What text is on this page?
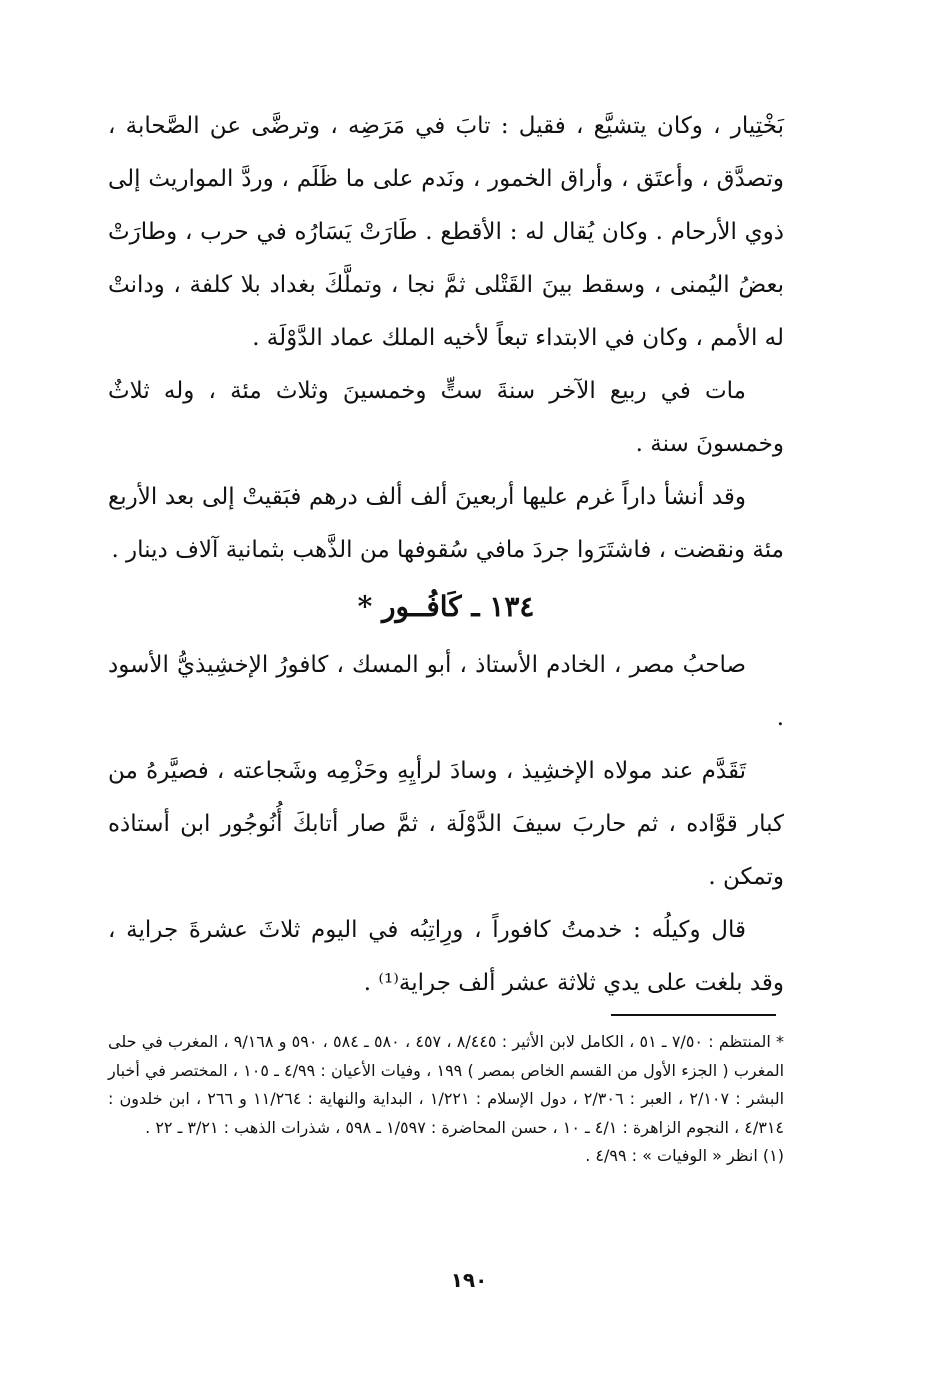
بَخْتِيار ، وكان يتشيَّع ، فقيل : تابَ في مَرَضِه ، وترضَّى عن الصَّحابة ، وتصدَّق ، وأعتَق ، وأراق الخمور ، ونَدم على ما ظَلَم ، وردَّ المواريث إلى ذوي الأرحام . وكان يُقال له : الأقطع . طَارَتْ يَسَارُه في حرب ، وطارَتْ بعضُ اليُمنى ، وسقط بينَ القَتْلى ثمَّ نجا ، وتملَّكَ بغداد بلا كلفة ، ودانتْ له الأمم ، وكان في الابتداء تبعاً لأخيه الملك عماد الدَّوْلَة .

مات في ربيع الآخر سنةَ ستٍّ وخمسينَ وثلاث مئة ، وله ثلاثٌ وخمسونَ سنة .

وقد أنشأ داراً غرم عليها أربعينَ ألف ألف درهم فبَقيتْ إلى بعد الأربع مئة ونقضت ، فاشتَرَوا جردَ مافي سُقوفها من الذَّهب بثمانية آلاف دينار .

١٣٤ ـ كَافُــور *

صاحبُ مصر ، الخادم الأستاذ ، أبو المسك ، كافورُ الإخشِيذيُّ الأسود .

تَقَدَّم عند مولاه الإخشِيذ ، وسادَ لرأيِهِ وحَزْمِه وشَجاعته ، فصيَّرهُ من كبار قوَّاده ، ثم حاربَ سيفَ الدَّوْلَة ، ثمَّ صار أتابكَ أُنُوجُور ابن أستاذه وتمكن .

قال وكيلُه : خدمتُ كافوراً ، ورِاتِبُه في اليوم ثلاثَ عشرةَ جراية ، وقد بلغت على يدي ثلاثة عشر ألف جراية⁽¹⁾ .

* المنتظم : ٧/٥٠ ـ ٥١ ، الكامل لابن الأثير : ٨/٤٤٥ ، ٤٥٧ ، ٥٨٠ ـ ٥٨٤ ، ٥٩٠ و ٩/١٦٨ ، المغرب في حلى المغرب ( الجزء الأول من القسم الخاص بمصر ) ١٩٩ ، وفيات الأعيان : ٤/٩٩ ـ ١٠٥ ، المختصر في أخبار البشر : ٢/١٠٧ ، العبر : ٢/٣٠٦ ، دول الإسلام : ١/٢٢١ ، البداية والنهاية : ١١/٢٦٤ و ٢٦٦ ، ابن خلدون : ٤/٣١٤ ، النجوم الزاهرة : ٤/١ ـ ١٠ ، حسن المحاضرة : ١/٥٩٧ ـ ٥٩٨ ، شذرات الذهب : ٣/٢١ ـ ٢٢ .

(١) انظر « الوفيات » : ٤/٩٩ .

١٩٠
